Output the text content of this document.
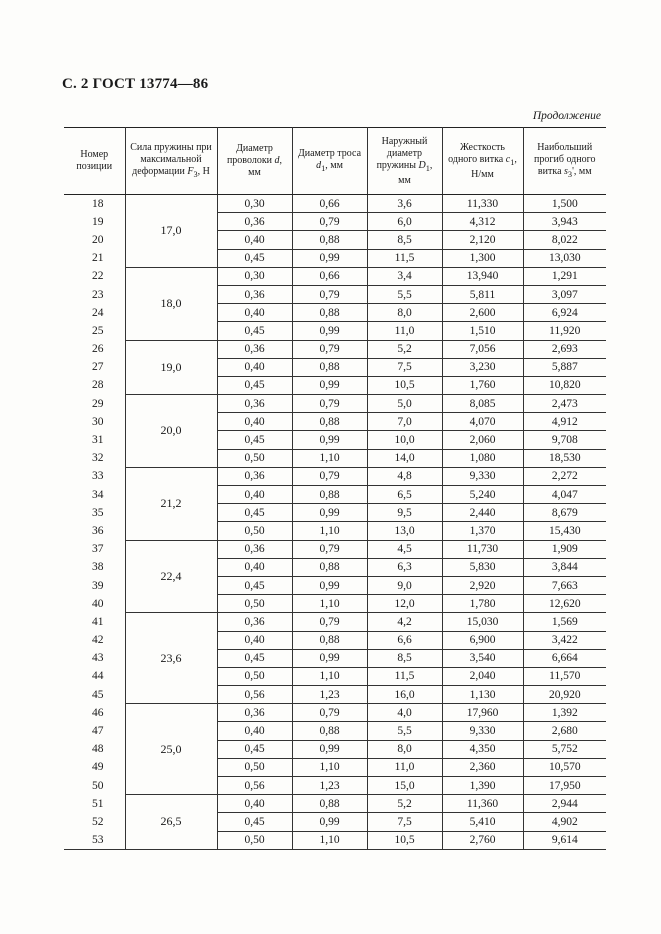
С. 2 ГОСТ 13774—86
Продолжение
Номер
позиции	Сила пружины при максимальной деформации $F_3$, Н	Диаметр проволоки d, мм	Диаметр троса $d_1$, мм	Наружный диаметр пружины $D_1$, мм	Жесткость одного витка $c_1$, Н/мм	Наибольший прогиб одного витка $s_3'$, мм
18	17,0	0,30	0,66	3,6	11,330	1,500
19		0,36	0,79	6,0	4,312	3,943
20		0,40	0,88	8,5	2,120	8,022
21		0,45	0,99	11,5	1,300	13,030
22	18,0	0,30	0,66	3,4	13,940	1,291
23		0,36	0,79	5,5	5,811	3,097
24		0,40	0,88	8,0	2,600	6,924
25		0,45	0,99	11,0	1,510	11,920
26	19,0	0,36	0,79	5,2	7,056	2,693
27		0,40	0,88	7,5	3,230	5,887
28		0,45	0,99	10,5	1,760	10,820
29	20,0	0,36	0,79	5,0	8,085	2,473
30		0,40	0,88	7,0	4,070	4,912
31		0,45	0,99	10,0	2,060	9,708
32		0,50	1,10	14,0	1,080	18,530
33	21,2	0,36	0,79	4,8	9,330	2,272
34		0,40	0,88	6,5	5,240	4,047
35		0,45	0,99	9,5	2,440	8,679
36		0,50	1,10	13,0	1,370	15,430
37	22,4	0,36	0,79	4,5	11,730	1,909
38		0,40	0,88	6,3	5,830	3,844
39		0,45	0,99	9,0	2,920	7,663
40		0,50	1,10	12,0	1,780	12,620
41	23,6	0,36	0,79	4,2	15,030	1,569
42		0,40	0,88	6,6	6,900	3,422
43		0,45	0,99	8,5	3,540	6,664
44		0,50	1,10	11,5	2,040	11,570
45		0,56	1,23	16,0	1,130	20,920
46	25,0	0,36	0,79	4,0	17,960	1,392
47		0,40	0,88	5,5	9,330	2,680
48		0,45	0,99	8,0	4,350	5,752
49		0,50	1,10	11,0	2,360	10,570
50		0,56	1,23	15,0	1,390	17,950
51	26,5	0,40	0,88	5,2	11,360	2,944
52		0,45	0,99	7,5	5,410	4,902
53		0,50	1,10	10,5	2,760	9,614
